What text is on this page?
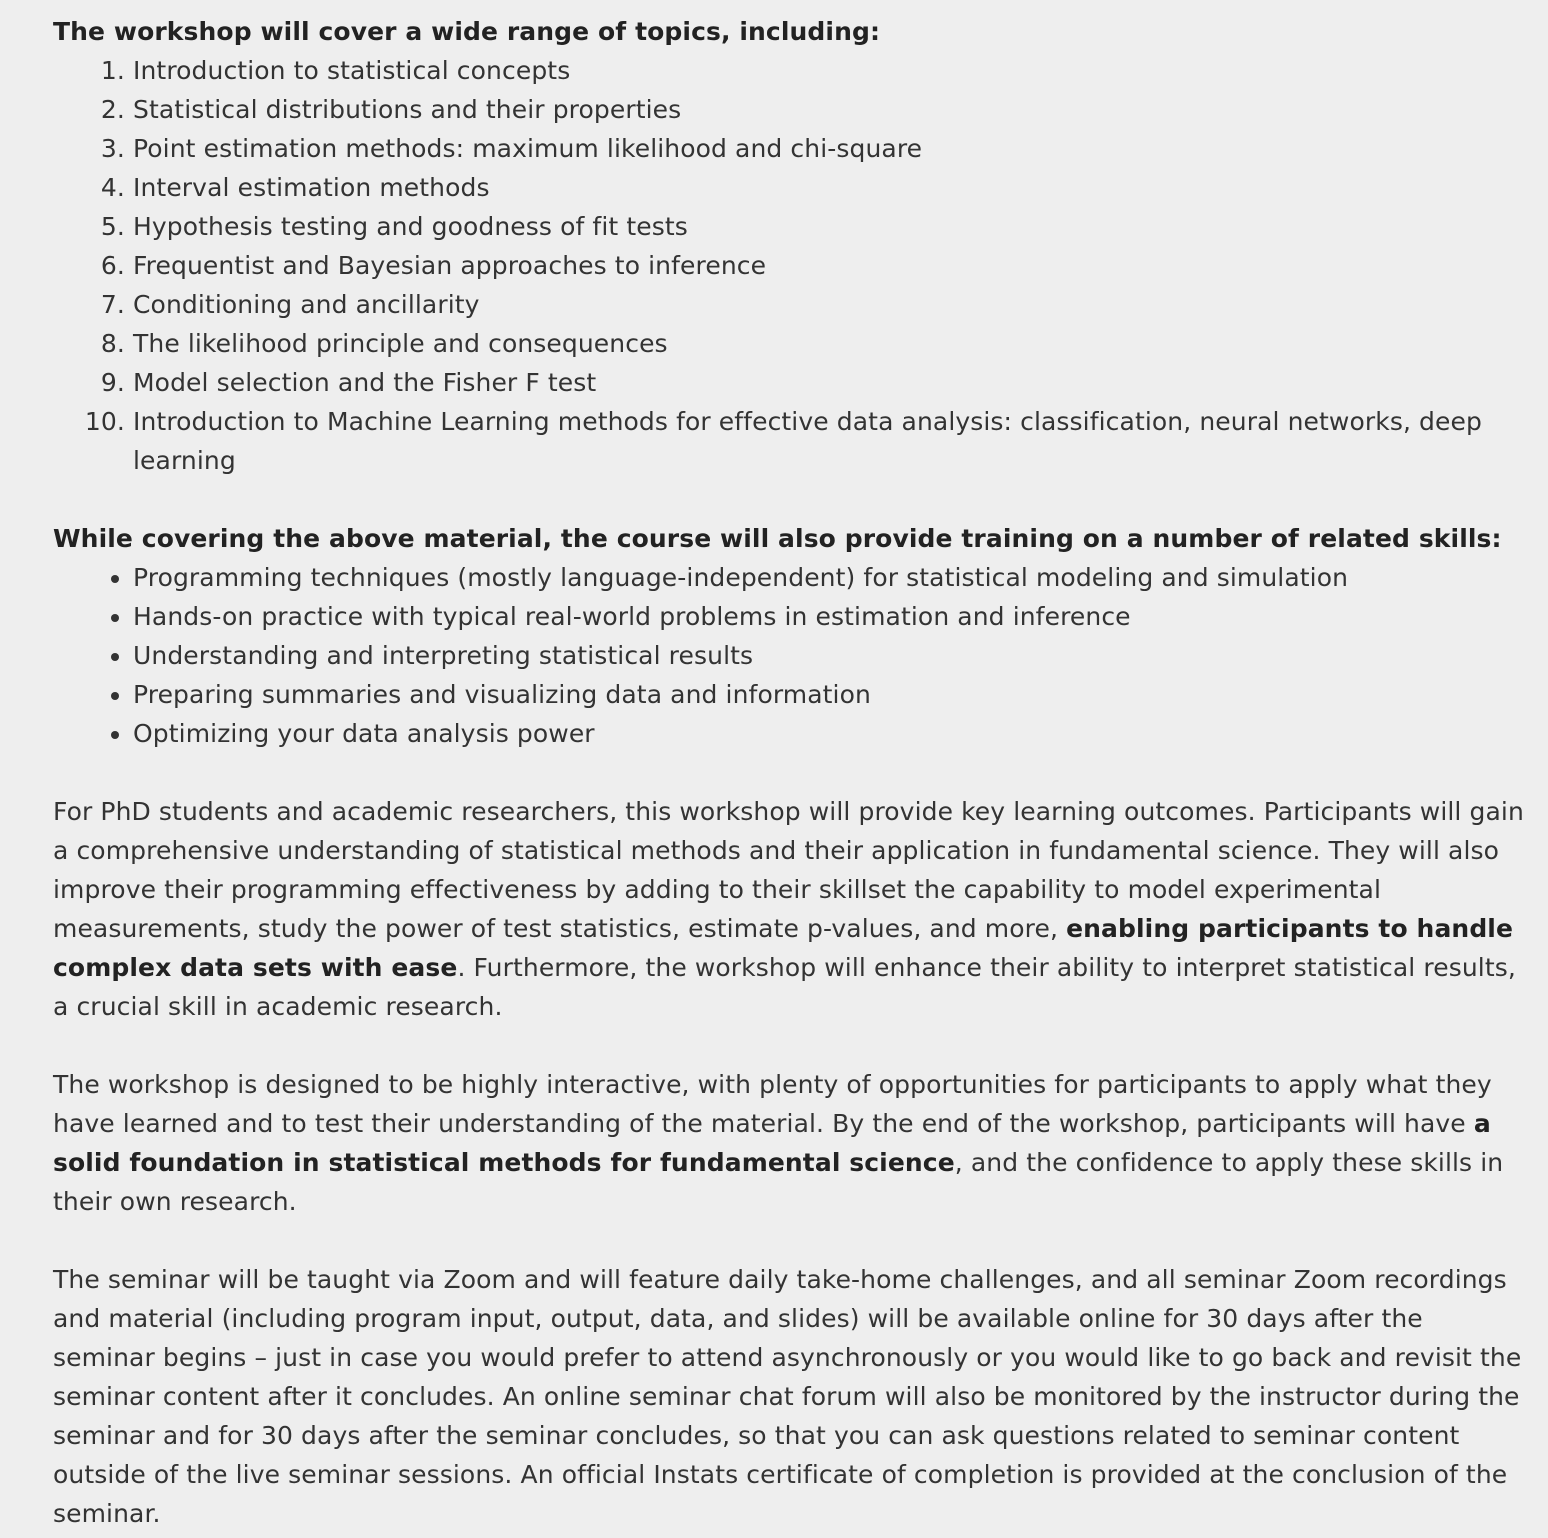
The workshop will cover a wide range of topics, including:

1. Introduction to statistical concepts
2. Statistical distributions and their properties
3. Point estimation methods: maximum likelihood and chi-square
4. Interval estimation methods
5. Hypothesis testing and goodness of fit tests
6. Frequentist and Bayesian approaches to inference
7. Conditioning and ancillarity
8. The likelihood principle and consequences
9. Model selection and the Fisher F test
10. Introduction to Machine Learning methods for effective data analysis: classification, neural networks, deep learning

While covering the above material, the course will also provide training on a number of related skills:

• Programming techniques (mostly language-independent) for statistical modeling and simulation
• Hands-on practice with typical real-world problems in estimation and inference
• Understanding and interpreting statistical results
• Preparing summaries and visualizing data and information
• Optimizing your data analysis power

For PhD students and academic researchers, this workshop will provide key learning outcomes. Participants will gain a comprehensive understanding of statistical methods and their application in fundamental science. They will also improve their programming effectiveness by adding to their skillset the capability to model experimental measurements, study the power of test statistics, estimate p-values, and more, enabling participants to handle complex data sets with ease. Furthermore, the workshop will enhance their ability to interpret statistical results, a crucial skill in academic research.

The workshop is designed to be highly interactive, with plenty of opportunities for participants to apply what they have learned and to test their understanding of the material. By the end of the workshop, participants will have a solid foundation in statistical methods for fundamental science, and the confidence to apply these skills in their own research.

The seminar will be taught via Zoom and will feature daily take-home challenges, and all seminar Zoom recordings and material (including program input, output, data, and slides) will be available online for 30 days after the seminar begins – just in case you would prefer to attend asynchronously or you would like to go back and revisit the seminar content after it concludes. An online seminar chat forum will also be monitored by the instructor during the seminar and for 30 days after the seminar concludes, so that you can ask questions related to seminar content outside of the live seminar sessions. An official Instats certificate of completion is provided at the conclusion of the seminar.
